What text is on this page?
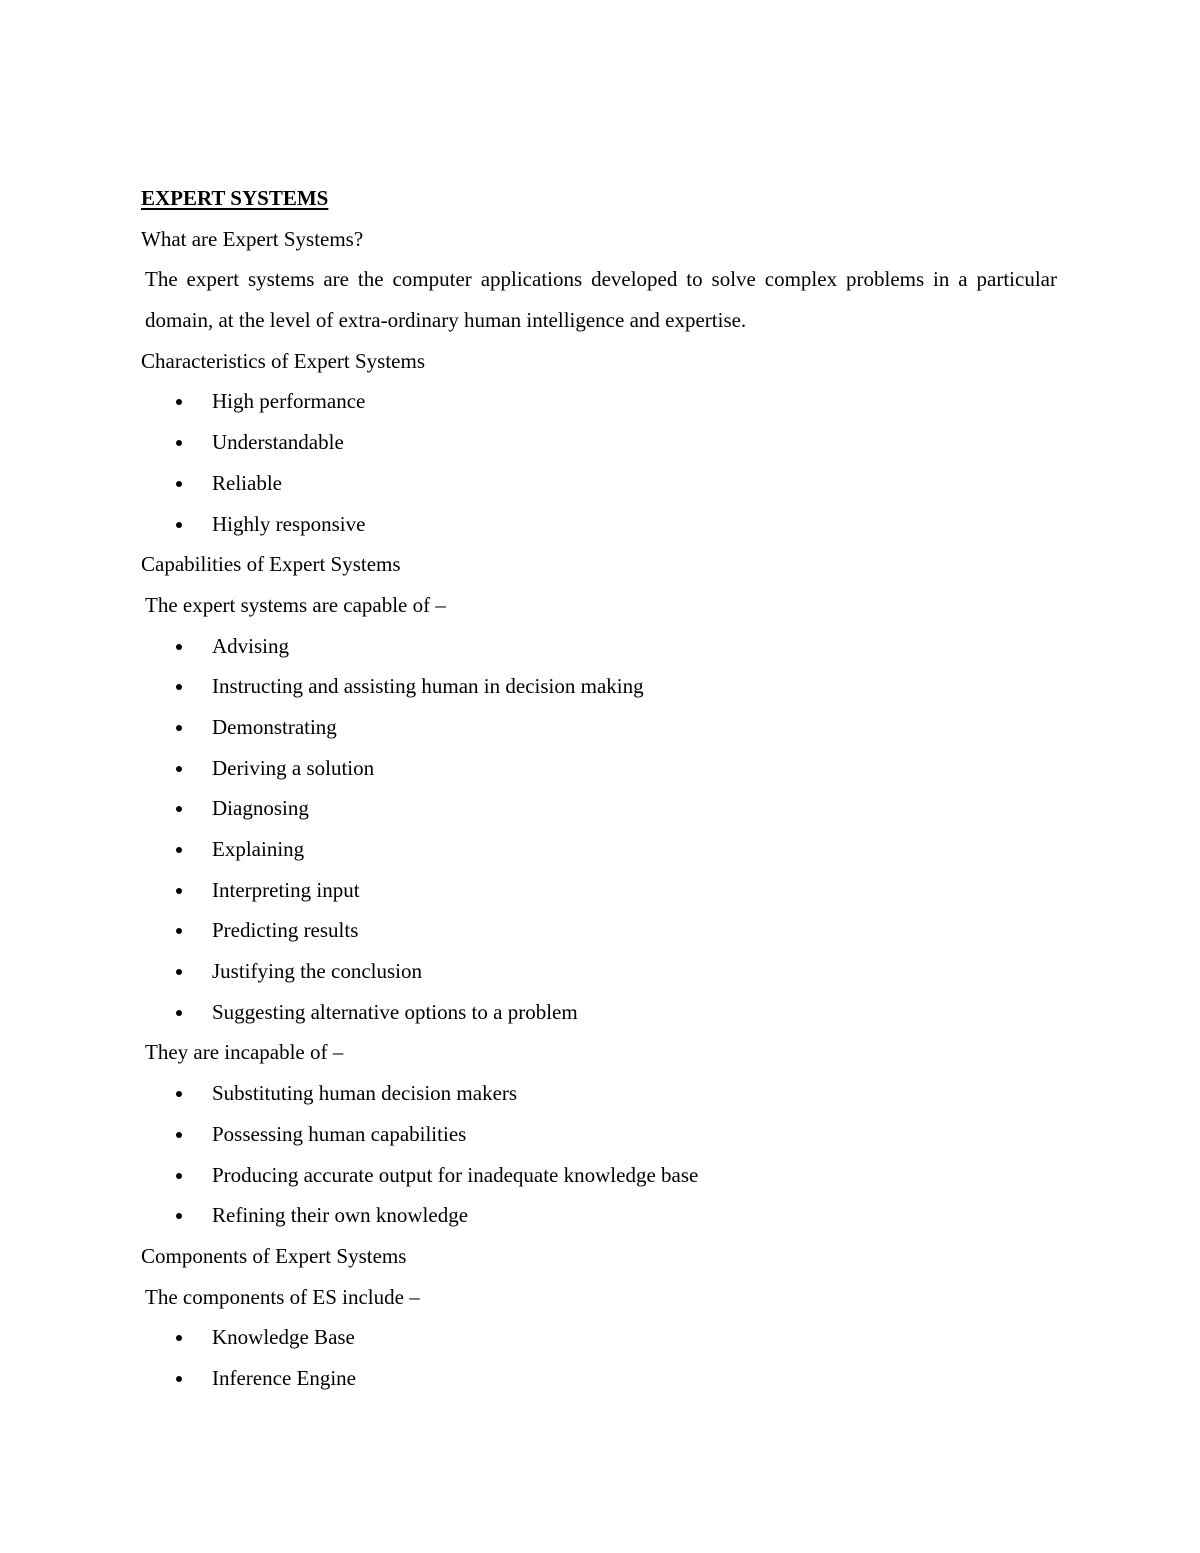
EXPERT SYSTEMS
What are Expert Systems?
The expert systems are the computer applications developed to solve complex problems in a particular domain, at the level of extra-ordinary human intelligence and expertise.
Characteristics of Expert Systems
High performance
Understandable
Reliable
Highly responsive
Capabilities of Expert Systems
The expert systems are capable of –
Advising
Instructing and assisting human in decision making
Demonstrating
Deriving a solution
Diagnosing
Explaining
Interpreting input
Predicting results
Justifying the conclusion
Suggesting alternative options to a problem
They are incapable of –
Substituting human decision makers
Possessing human capabilities
Producing accurate output for inadequate knowledge base
Refining their own knowledge
Components of Expert Systems
The components of ES include –
Knowledge Base
Inference Engine
